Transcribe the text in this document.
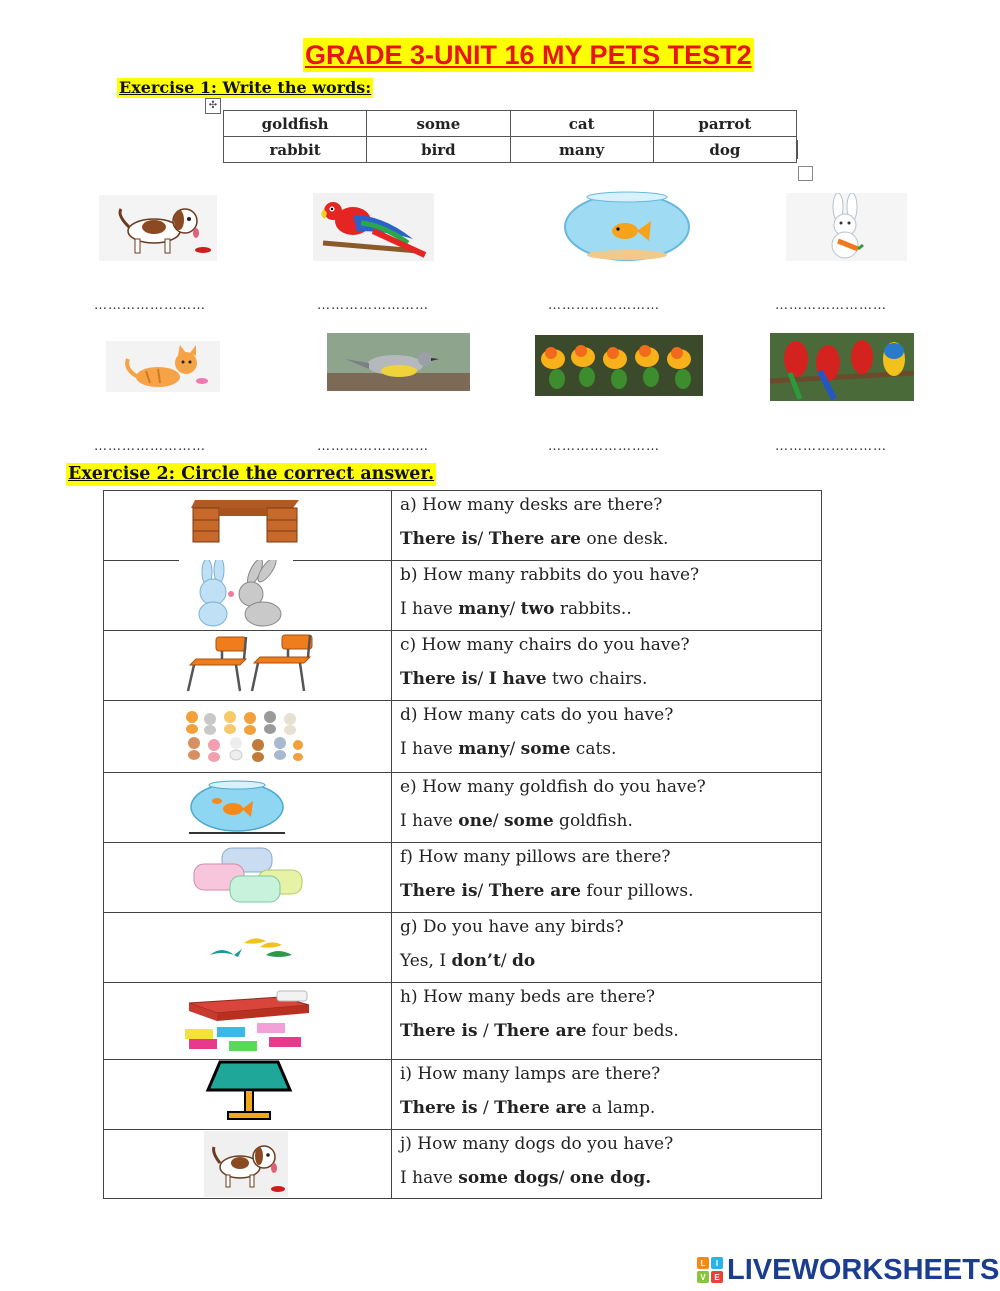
GRADE 3-UNIT 16 MY PETS TEST2
Exercise 1: Write the words:
✣
goldfish	some	cat	parrot
rabbit	bird	many	dog
……………………	……………………	……………………	……………………
……………………	……………………	……………………	……………………
Exercise 2: Circle the correct answer.

a) How many desks are there?
There is/ There are one desk.

b) How many rabbits do you have?
I have many/ two rabbits..

c) How many chairs do you have?
There is/ I have two chairs.

d) How many cats do you have?
I have many/ some cats.

e) How many goldfish do you have?
I have one/ some goldfish.

f) How many pillows are there?
There is/ There are four pillows.

g) Do you have any birds?
Yes, I don’t/ do

h) How many beds are there?
There is / There are four beds.

i) How many lamps are there?
There is / There are a lamp.

j) How many dogs do you have?
I have some dogs/ one dog.
L I
V E LIVEWORKSHEETS
